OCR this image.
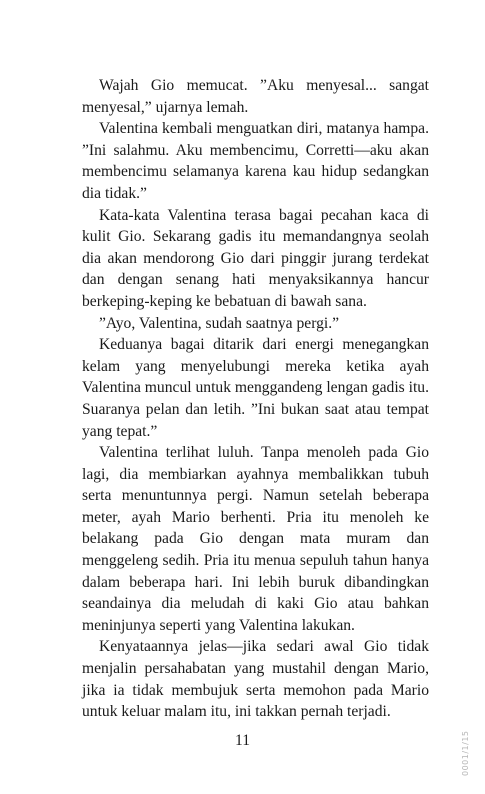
Wajah Gio memucat. ”Aku menyesal... sangat menyesal,” ujarnya lemah.

Valentina kembali menguatkan diri, matanya hampa. ”Ini salahmu. Aku membencimu, Corretti—aku akan membencimu selamanya karena kau hidup sedangkan dia tidak.”

Kata-kata Valentina terasa bagai pecahan kaca di kulit Gio. Sekarang gadis itu memandangnya seolah dia akan mendorong Gio dari pinggir jurang terdekat dan dengan senang hati menyaksikannya hancur berkeping-keping ke bebatuan di bawah sana.

”Ayo, Valentina, sudah saatnya pergi.”

Keduanya bagai ditarik dari energi menegangkan kelam yang menyelubungi mereka ketika ayah Valentina muncul untuk menggandeng lengan gadis itu. Suaranya pelan dan letih. ”Ini bukan saat atau tempat yang tepat.”

Valentina terlihat luluh. Tanpa menoleh pada Gio lagi, dia membiarkan ayahnya membalikkan tubuh serta menuntunnya pergi. Namun setelah beberapa meter, ayah Mario berhenti. Pria itu menoleh ke belakang pada Gio dengan mata muram dan menggeleng sedih. Pria itu menua sepuluh tahun hanya dalam beberapa hari. Ini lebih buruk dibandingkan seandainya dia meludah di kaki Gio atau bahkan meninjunya seperti yang Valentina lakukan.

Kenyataannya jelas—jika sedari awal Gio tidak menjalin persahabatan yang mustahil dengan Mario, jika ia tidak membujuk serta memohon pada Mario untuk keluar malam itu, ini takkan pernah terjadi.

11	0001/1/15
